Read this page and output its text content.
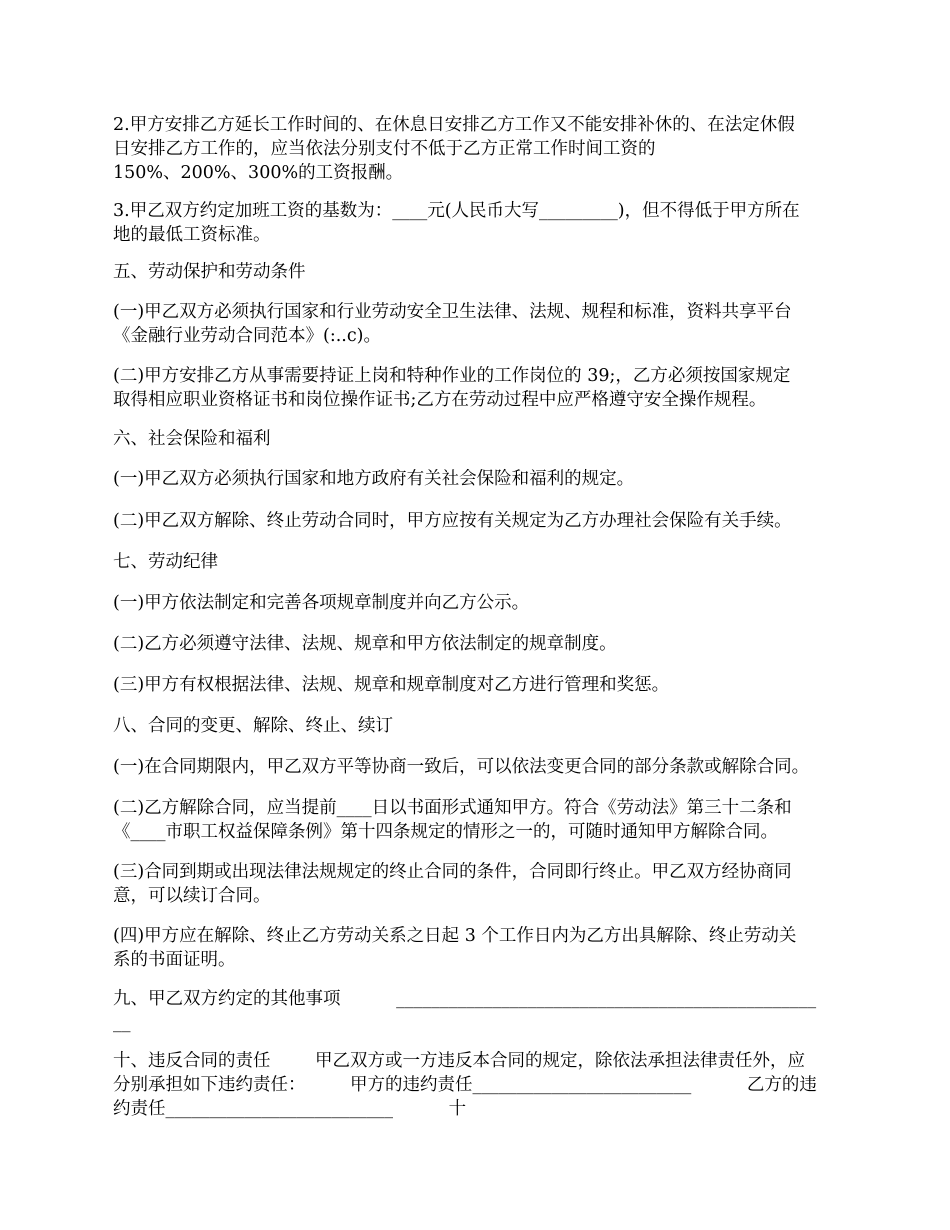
2.甲方安排乙方延长工作时间的、在休息日安排乙方工作又不能安排补休的、在法定休假
日安排乙方工作的，应当依法分别支付不低于乙方正常工作时间工资的
150%、200%、300%的工资报酬。
3.甲乙双方约定加班工资的基数为：____元(人民币大写_________)，但不得低于甲方所在
地的最低工资标准。
五、劳动保护和劳动条件
(一)甲乙双方必须执行国家和行业劳动安全卫生法律、法规、规程和标准，资料共享平台
《金融行业劳动合同范本》(:..c)。
(二)甲方安排乙方从事需要持证上岗和特种作业的工作岗位的 39;，乙方必须按国家规定
取得相应职业资格证书和岗位操作证书;乙方在劳动过程中应严格遵守安全操作规程。
六、社会保险和福利
(一)甲乙双方必须执行国家和地方政府有关社会保险和福利的规定。
(二)甲乙双方解除、终止劳动合同时，甲方应按有关规定为乙方办理社会保险有关手续。
七、劳动纪律
(一)甲方依法制定和完善各项规章制度并向乙方公示。
(二)乙方必须遵守法律、法规、规章和甲方依法制定的规章制度。
(三)甲方有权根据法律、法规、规章和规章制度对乙方进行管理和奖惩。
八、合同的变更、解除、终止、续订
(一)在合同期限内，甲乙双方平等协商一致后，可以依法变更合同的部分条款或解除合同。
(二)乙方解除合同，应当提前____日以书面形式通知甲方。符合《劳动法》第三十二条和
《____市职工权益保障条例》第十四条规定的情形之一的，可随时通知甲方解除合同。
(三)合同到期或出现法律法规规定的终止合同的条件，合同即行终止。甲乙双方经协商同
意，可以续订合同。
(四)甲方应在解除、终止乙方劳动关系之日起 3 个工作日内为乙方出具解除、终止劳动关
系的书面证明。
九、甲乙双方约定的其他事项          ________________________________________________
__
十、违反合同的责任        甲乙双方或一方违反本合同的规定，除依法承担法律责任外，应
分别承担如下违约责任：        甲方的违约责任_________________________          乙方的违
约责任__________________________          十
